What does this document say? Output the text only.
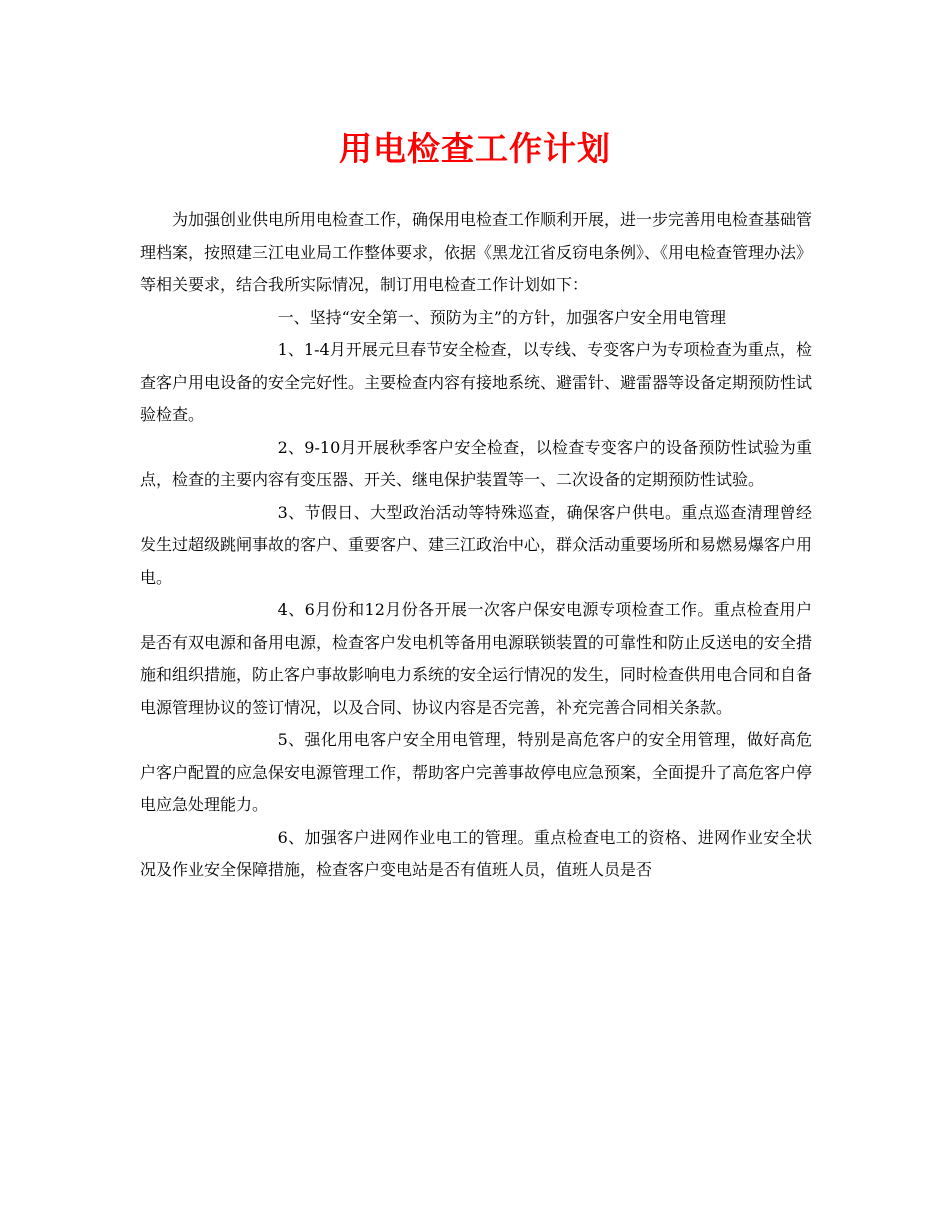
用电检查工作计划

为加强创业供电所用电检查工作，确保用电检查工作顺利开展，进一步完善用电检查基础管理档案，按照建三江电业局工作整体要求，依据《黑龙江省反窃电条例》、《用电检查管理办法》等相关要求，结合我所实际情况，制订用电检查工作计划如下：

一、坚持“安全第一、预防为主”的方针，加强客户安全用电管理

1、1-4月开展元旦春节安全检查，以专线、专变客户为专项检查为重点，检查客户用电设备的安全完好性。主要检查内容有接地系统、避雷针、避雷器等设备定期预防性试验检查。

2、9-10月开展秋季客户安全检查，以检查专变客户的设备预防性试验为重点，检查的主要内容有变压器、开关、继电保护装置等一、二次设备的定期预防性试验。

3、节假日、大型政治活动等特殊巡查，确保客户供电。重点巡查清理曾经发生过超级跳闸事故的客户、重要客户、建三江政治中心，群众活动重要场所和易燃易爆客户用电。

4、6月份和12月份各开展一次客户保安电源专项检查工作。重点检查用户是否有双电源和备用电源，检查客户发电机等备用电源联锁装置的可靠性和防止反送电的安全措施和组织措施，防止客户事故影响电力系统的安全运行情况的发生，同时检查供用电合同和自备电源管理协议的签订情况，以及合同、协议内容是否完善，补充完善合同相关条款。

5、强化用电客户安全用电管理，特别是高危客户的安全用管理，做好高危户客户配置的应急保安电源管理工作，帮助客户完善事故停电应急预案，全面提升了高危客户停电应急处理能力。

6、加强客户进网作业电工的管理。重点检查电工的资格、进网作业安全状况及作业安全保障措施，检查客户变电站是否有值班人员，值班人员是否
